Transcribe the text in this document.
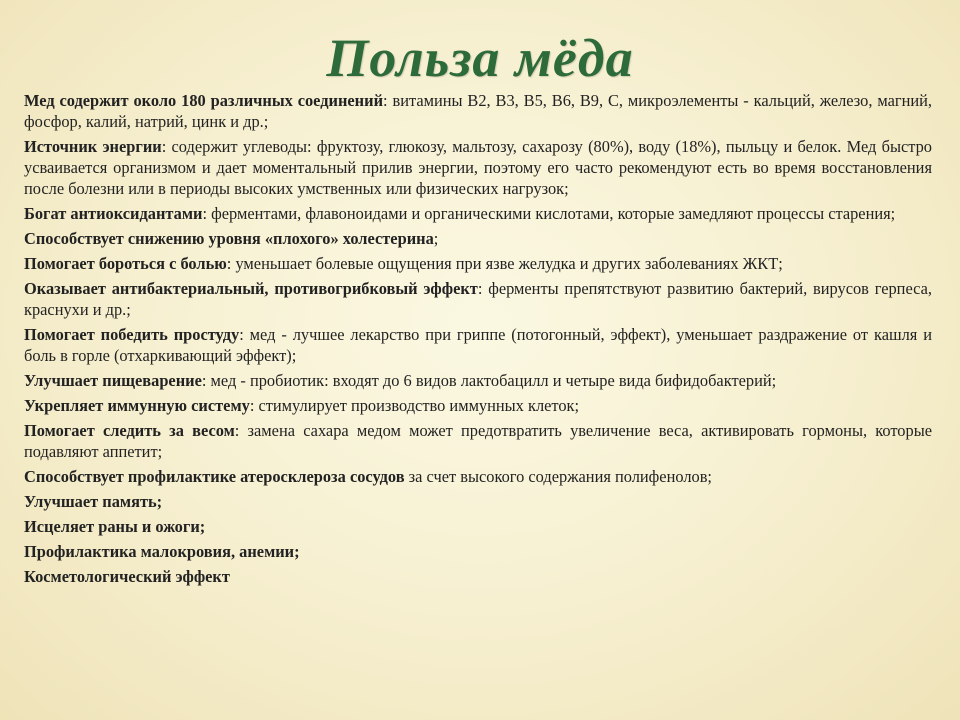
Польза мёда

Мед содержит около 180 различных соединений: витамины В2, В3, В5, В6, В9, С, микроэлементы - кальций, железо, магний, фосфор, калий, натрий, цинк и др.;

Источник энергии: содержит углеводы: фруктозу, глюкозу, мальтозу, сахарозу (80%), воду (18%), пыльцу и белок. Мед быстро усваивается организмом и дает моментальный прилив энергии, поэтому его часто рекомендуют есть во время восстановления после болезни или в периоды высоких умственных или физических нагрузок;

Богат антиоксидантами: ферментами, флавоноидами и органическими кислотами, которые замедляют процессы старения;

Способствует снижению уровня «плохого» холестерина;

Помогает бороться с болью: уменьшает болевые ощущения при язве желудка и других заболеваниях ЖКТ;

Оказывает антибактериальный, противогрибковый эффект: ферменты препятствуют развитию бактерий, вирусов герпеса, краснухи и др.;

Помогает победить простуду: мед - лучшее лекарство при гриппе (потогонный, эффект), уменьшает раздражение от кашля и боль в горле (отхаркивающий эффект);

Улучшает пищеварение: мед - пробиотик: входят до 6 видов лактобацилл и четыре вида бифидобактерий;

Укрепляет иммунную систему: стимулирует производство иммунных клеток;

Помогает следить за весом: замена сахара медом может предотвратить увеличение веса, активировать гормоны, которые подавляют аппетит;

Способствует профилактике атеросклероза сосудов за счет высокого содержания полифенолов;

Улучшает память;

Исцеляет раны и ожоги;

Профилактика малокровия, анемии;

Косметологический эффект
